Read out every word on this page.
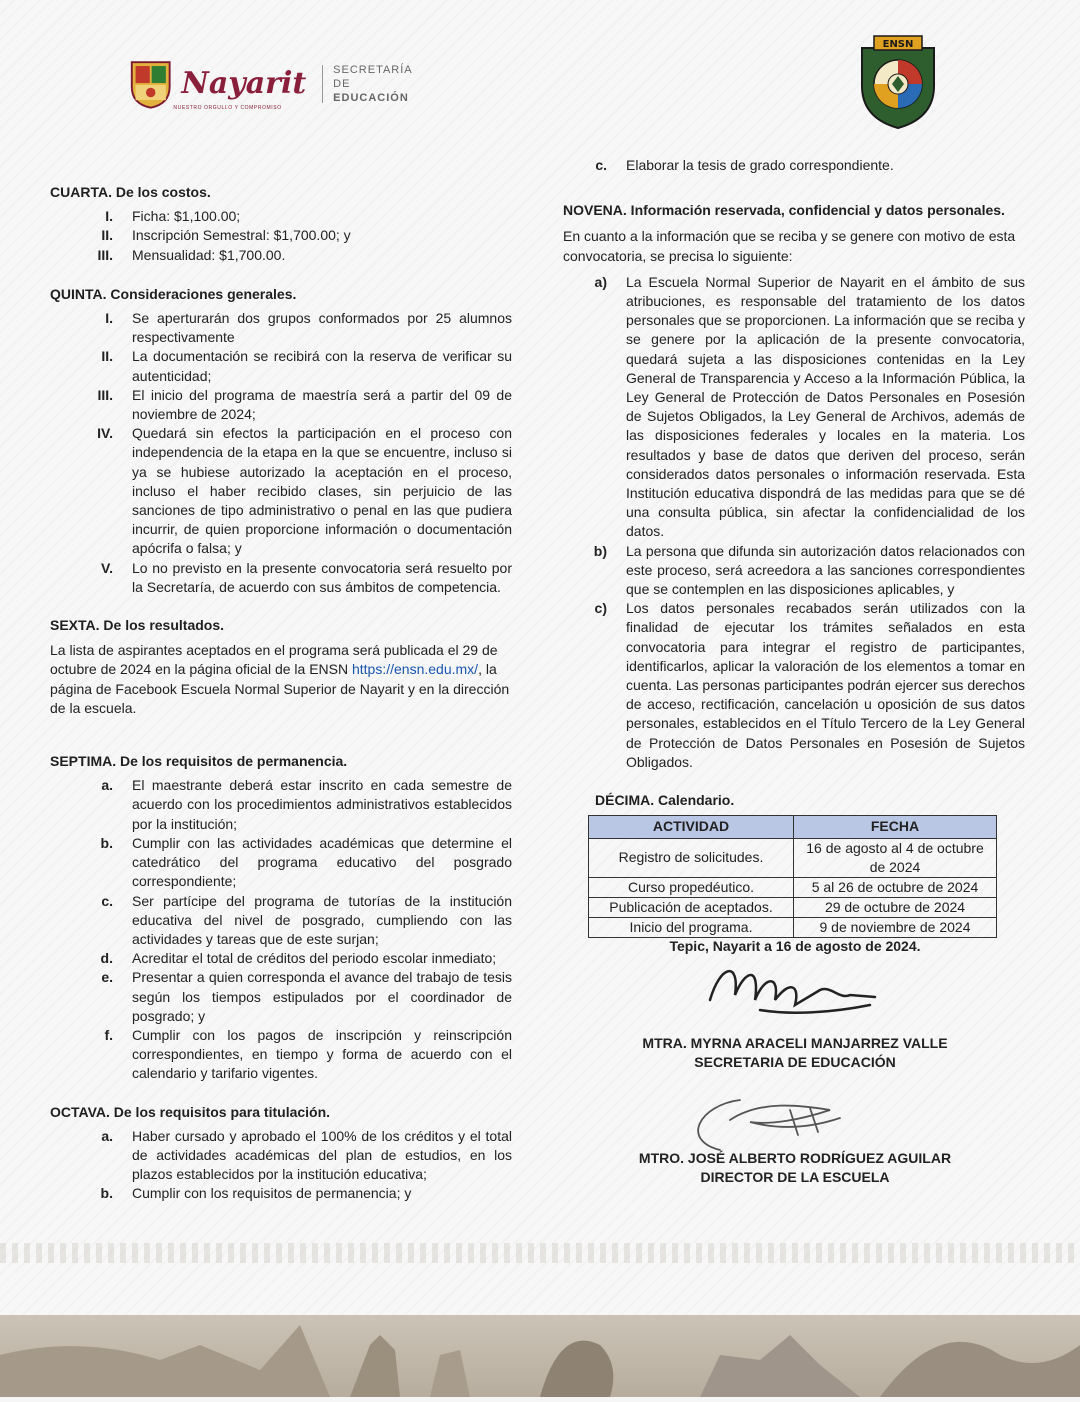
Nayarit
NUESTRO ORGULLO Y COMPROMISO
SECRETARÍA DE
EDUCACIÓN
ENSN

CUARTA. De los costos.

I.	Ficha: $1,100.00;
II.	Inscripción Semestral: $1,700.00; y
III.	Mensualidad: $1,700.00.

QUINTA. Consideraciones generales.

I.	Se aperturarán dos grupos conformados por 25 alumnos respectivamente
II.	La documentación se recibirá con la reserva de verificar su autenticidad;
III.	El inicio del programa de maestría será a partir del 09 de noviembre de 2024;
IV.	Quedará sin efectos la participación en el proceso con independencia de la etapa en la que se encuentre, incluso si ya se hubiese autorizado la aceptación en el proceso, incluso el haber recibido clases, sin perjuicio de las sanciones de tipo administrativo o penal en las que pudiera incurrir, de quien proporcione información o documentación apócrifa o falsa; y
V.	Lo no previsto en la presente convocatoria será resuelto por la Secretaría, de acuerdo con sus ámbitos de competencia.

SEXTA. De los resultados.

La lista de aspirantes aceptados en el programa será publicada el 29 de octubre de 2024 en la página oficial de la ENSN https://ensn.edu.mx/, la página de Facebook Escuela Normal Superior de Nayarit y en la dirección de la escuela.

SEPTIMA. De los requisitos de permanencia.

a.	El maestrante deberá estar inscrito en cada semestre de acuerdo con los procedimientos administrativos establecidos por la institución;
b.	Cumplir con las actividades académicas que determine el catedrático del programa educativo del posgrado correspondiente;
c.	Ser partícipe del programa de tutorías de la institución educativa del nivel de posgrado, cumpliendo con las actividades y tareas que de este surjan;
d.	Acreditar el total de créditos del periodo escolar inmediato;
e.	Presentar a quien corresponda el avance del trabajo de tesis según los tiempos estipulados por el coordinador de posgrado; y
f.	Cumplir con los pagos de inscripción y reinscripción correspondientes, en tiempo y forma de acuerdo con el calendario y tarifario vigentes.

OCTAVA. De los requisitos para titulación.

a.	Haber cursado y aprobado el 100% de los créditos y el total de actividades académicas del plan de estudios, en los plazos establecidos por la institución educativa;
b.	Cumplir con los requisitos de permanencia; y
c.	Elaborar la tesis de grado correspondiente.

NOVENA. Información reservada, confidencial y datos personales.

En cuanto a la información que se reciba y se genere con motivo de esta convocatoria, se precisa lo siguiente:

a)	La Escuela Normal Superior de Nayarit en el ámbito de sus atribuciones, es responsable del tratamiento de los datos personales que se proporcionen. La información que se reciba y se genere por la aplicación de la presente convocatoria, quedará sujeta a las disposiciones contenidas en la Ley General de Transparencia y Acceso a la Información Pública, la Ley General de Protección de Datos Personales en Posesión de Sujetos Obligados, la Ley General de Archivos, además de las disposiciones federales y locales en la materia. Los resultados y base de datos que deriven del proceso, serán considerados datos personales o información reservada. Esta Institución educativa dispondrá de las medidas para que se dé una consulta pública, sin afectar la confidencialidad de los datos.
b)	La persona que difunda sin autorización datos relacionados con este proceso, será acreedora a las sanciones correspondientes que se contemplen en las disposiciones aplicables, y
c)	Los datos personales recabados serán utilizados con la finalidad de ejecutar los trámites señalados en esta convocatoria para integrar el registro de participantes, identificarlos, aplicar la valoración de los elementos a tomar en cuenta. Las personas participantes podrán ejercer sus derechos de acceso, rectificación, cancelación u oposición de sus datos personales, establecidos en el Título Tercero de la Ley General de Protección de Datos Personales en Posesión de Sujetos Obligados.

DÉCIMA. Calendario.

ACTIVIDAD	FECHA
Registro de solicitudes.	16 de agosto al 4 de octubre de 2024
Curso propedéutico.	5 al 26 de octubre de 2024
Publicación de aceptados.	29 de octubre de 2024
Inicio del programa.	9 de noviembre de 2024
Tepic, Nayarit a 16 de agosto de 2024.
MTRA. MYRNA ARACELI MANJARREZ VALLE
SECRETARIA DE EDUCACIÓN
MTRO. JOSÉ ALBERTO RODRÍGUEZ AGUILAR
DIRECTOR DE LA ESCUELA
